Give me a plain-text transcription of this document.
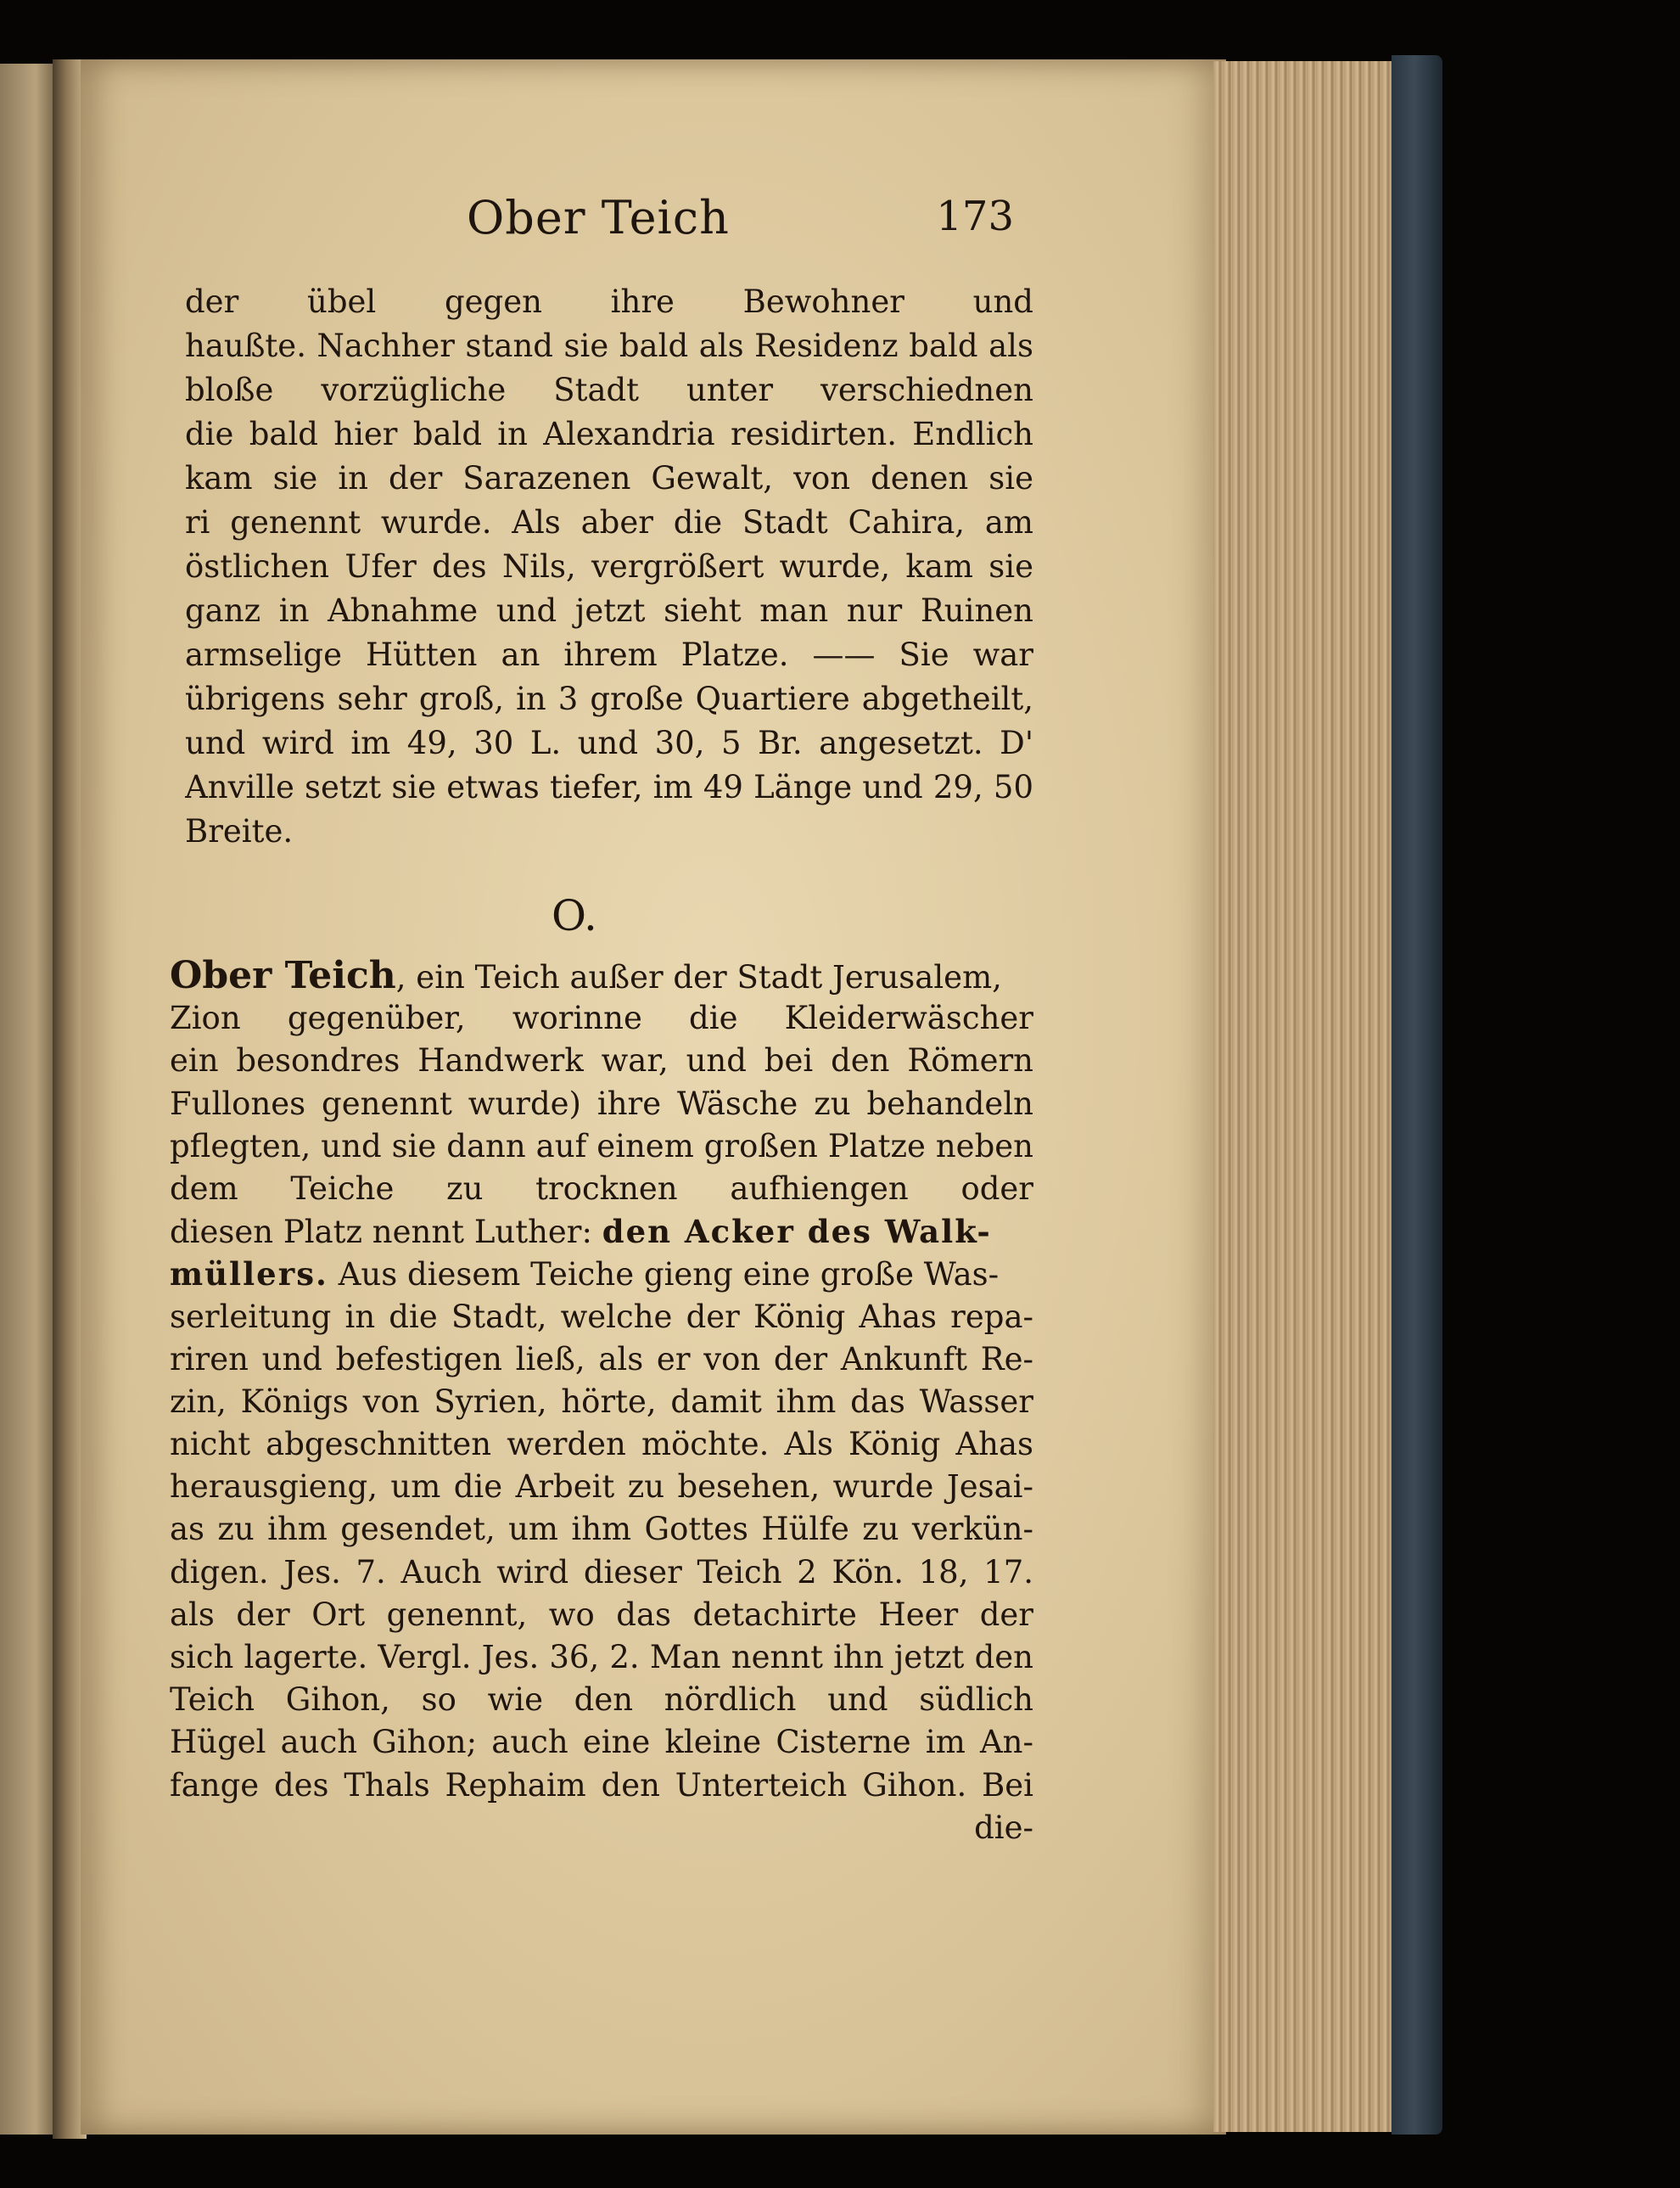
Ober Teich	173
der übel gegen ihre Bewohner und
haußte. Nachher stand sie bald als Residenz bald als
bloße vorzügliche Stadt unter verschiednen
die bald hier bald in Alexandria residirten. Endlich
kam sie in der Sarazenen Gewalt, von denen sie
ri genennt wurde. Als aber die Stadt Cahira, am
östlichen Ufer des Nils, vergrößert wurde, kam sie
ganz in Abnahme und jetzt sieht man nur Ruinen
armselige Hütten an ihrem Platze. —— Sie war
übrigens sehr groß, in 3 große Quartiere abgetheilt,
und wird im 49, 30 L. und 30, 5 Br. angesetzt. D'
Anville setzt sie etwas tiefer, im 49 Länge und 29, 50
Breite.
O.
Ober Teich, ein Teich außer der Stadt Jerusalem,
Zion gegenüber, worinne die Kleiderwäscher
ein besondres Handwerk war, und bei den Römern
Fullones genennt wurde) ihre Wäsche zu behandeln
pflegten, und sie dann auf einem großen Platze neben
dem Teiche zu trocknen aufhiengen oder
diesen Platz nennt Luther: den Acker des Walk-
müllers. Aus diesem Teiche gieng eine große Was-
serleitung in die Stadt, welche der König Ahas repa-
riren und befestigen ließ, als er von der Ankunft Re-
zin, Königs von Syrien, hörte, damit ihm das Wasser
nicht abgeschnitten werden möchte. Als König Ahas
herausgieng, um die Arbeit zu besehen, wurde Jesai-
as zu ihm gesendet, um ihm Gottes Hülfe zu verkün-
digen. Jes. 7. Auch wird dieser Teich 2 Kön. 18, 17.
als der Ort genennt, wo das detachirte Heer der
sich lagerte. Vergl. Jes. 36, 2. Man nennt ihn jetzt den
Teich Gihon, so wie den nördlich und südlich
Hügel auch Gihon; auch eine kleine Cisterne im An-
fange des Thals Rephaim den Unterteich Gihon. Bei
die-
